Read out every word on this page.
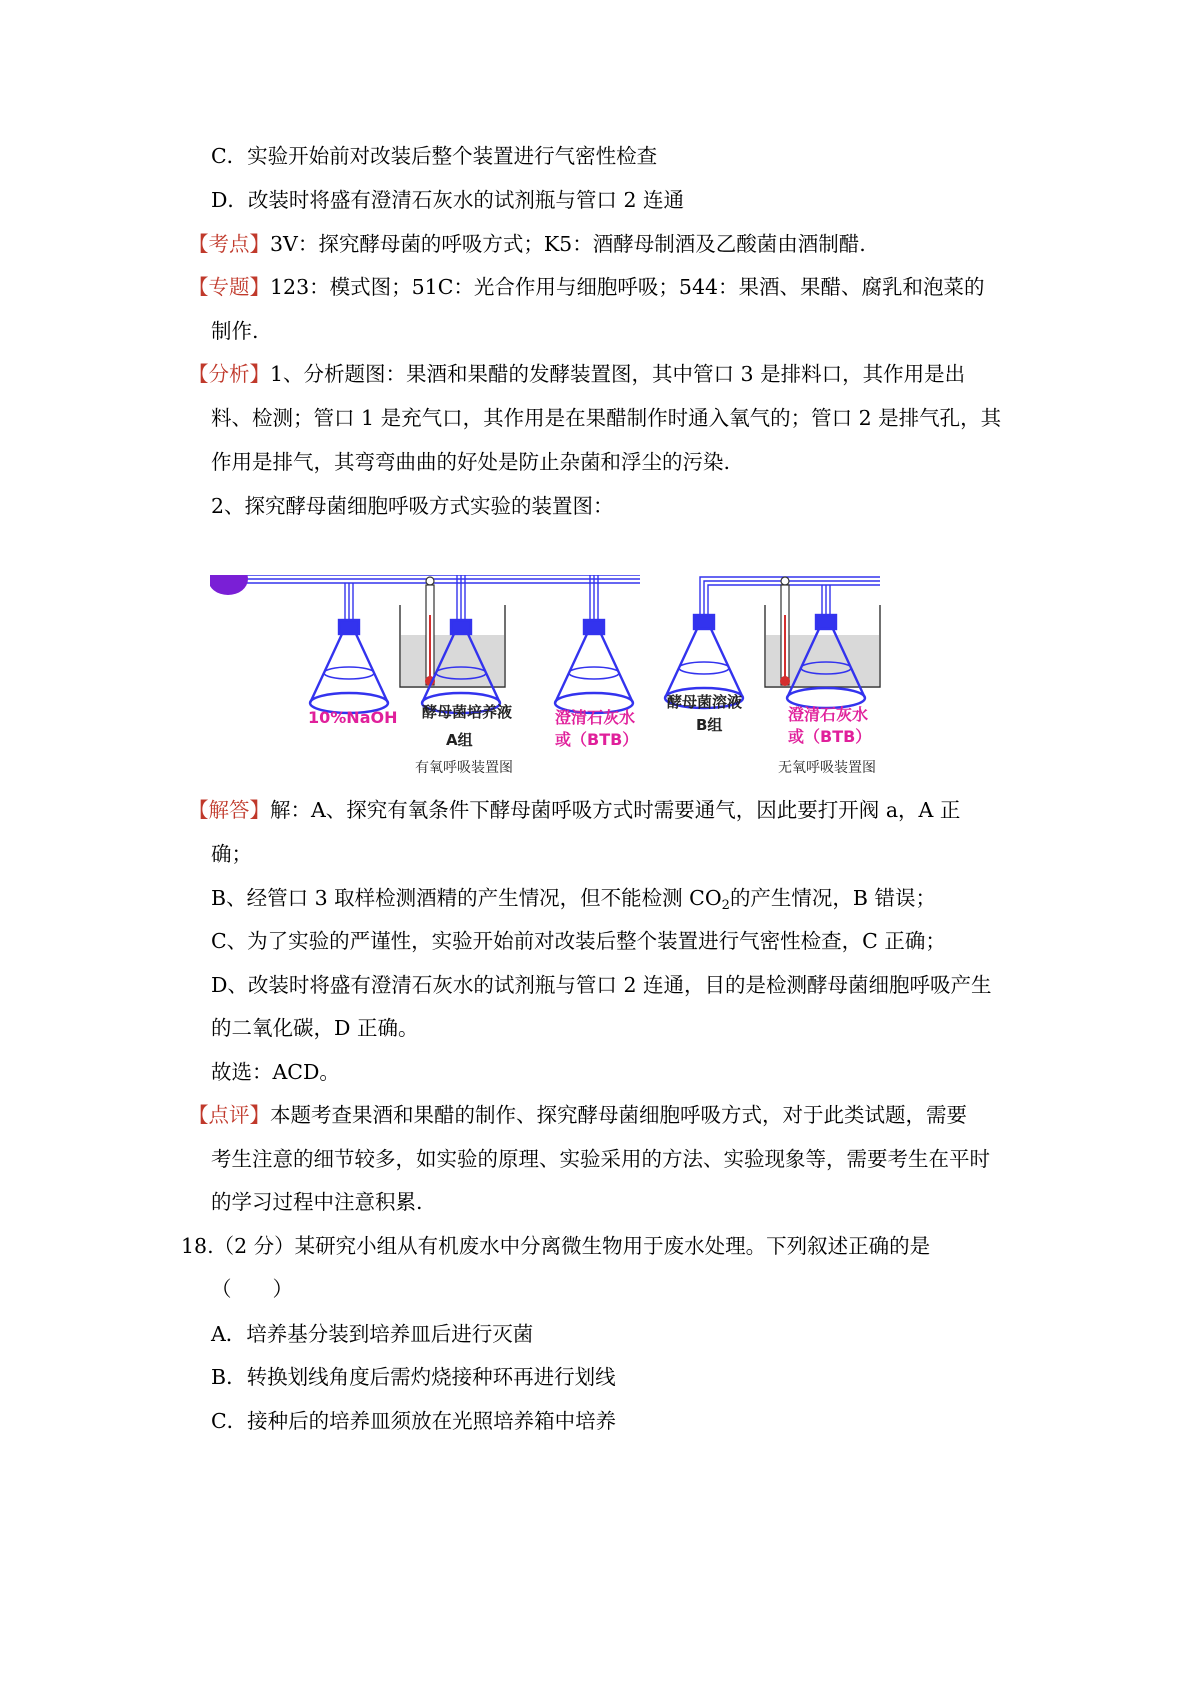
C．实验开始前对改装后整个装置进行气密性检查
D．改装时将盛有澄清石灰水的试剂瓶与管口 2 连通
【考点】3V：探究酵母菌的呼吸方式；K5：酒酵母制酒及乙酸菌由酒制醋.
【专题】123：模式图；51C：光合作用与细胞呼吸；544：果酒、果醋、腐乳和泡菜的
制作.
【分析】1、分析题图：果酒和果醋的发酵装置图，其中管口 3 是排料口，其作用是出
料、检测；管口 1 是充气口，其作用是在果醋制作时通入氧气的；管口 2 是排气孔，其
作用是排气，其弯弯曲曲的好处是防止杂菌和浮尘的污染.
2、探究酵母菌细胞呼吸方式实验的装置图：
10%NaOH 酵母菌培养液
A组
有氧呼吸装置图
澄清石灰水
或（BTB）
酵母菌溶液
B组
无氧呼吸装置图
澄清石灰水
或（BTB）
【解答】解：A、探究有氧条件下酵母菌呼吸方式时需要通气，因此要打开阀 a，A 正
确；
B、经管口 3 取样检测酒精的产生情况，但不能检测 $CO_2$的产生情况，B 错误；
C、为了实验的严谨性，实验开始前对改装后整个装置进行气密性检查，C 正确；
D、改装时将盛有澄清石灰水的试剂瓶与管口 2 连通，目的是检测酵母菌细胞呼吸产生
的二氧化碳，D 正确。
故选：ACD。
【点评】本题考查果酒和果醋的制作、探究酵母菌细胞呼吸方式，对于此类试题，需要
考生注意的细节较多，如实验的原理、实验采用的方法、实验现象等，需要考生在平时
的学习过程中注意积累.
18.（2 分）某研究小组从有机废水中分离微生物用于废水处理。下列叙述正确的是
（　　）
A．培养基分装到培养皿后进行灭菌
B．转换划线角度后需灼烧接种环再进行划线
C．接种后的培养皿须放在光照培养箱中培养
